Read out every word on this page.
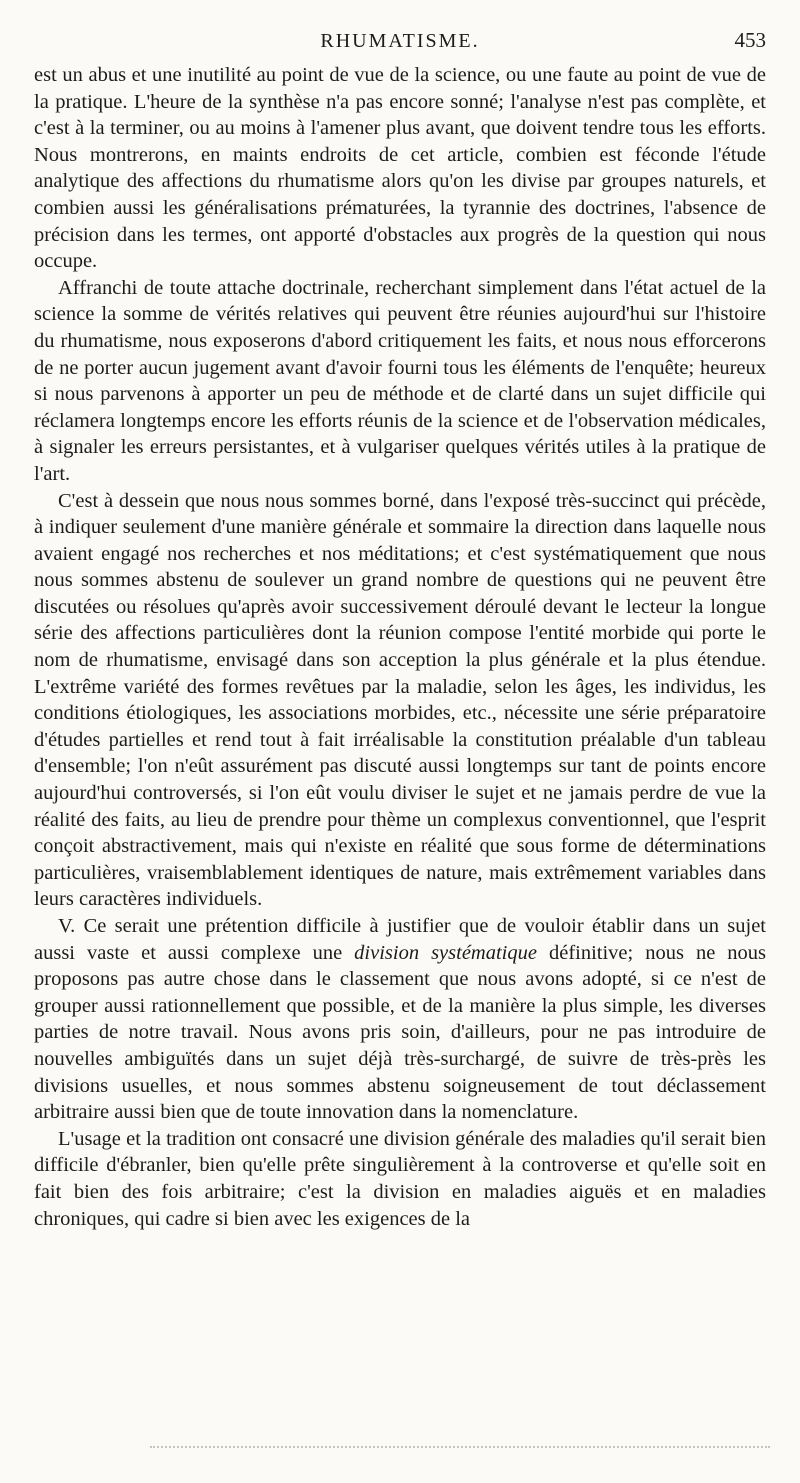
RHUMATISME.	453

est un abus et une inutilité au point de vue de la science, ou une faute au point de vue de la pratique. L'heure de la synthèse n'a pas encore sonné; l'analyse n'est pas complète, et c'est à la terminer, ou au moins à l'amener plus avant, que doivent tendre tous les efforts. Nous montrerons, en maints endroits de cet article, combien est féconde l'étude analytique des affections du rhumatisme alors qu'on les divise par groupes naturels, et combien aussi les généralisations prématurées, la tyrannie des doctrines, l'absence de précision dans les termes, ont apporté d'obstacles aux progrès de la question qui nous occupe.

Affranchi de toute attache doctrinale, recherchant simplement dans l'état actuel de la science la somme de vérités relatives qui peuvent être réunies aujourd'hui sur l'histoire du rhumatisme, nous exposerons d'abord critiquement les faits, et nous nous efforcerons de ne porter aucun jugement avant d'avoir fourni tous les éléments de l'enquête; heureux si nous parvenons à apporter un peu de méthode et de clarté dans un sujet difficile qui réclamera longtemps encore les efforts réunis de la science et de l'observation médicales, à signaler les erreurs persistantes, et à vulgariser quelques vérités utiles à la pratique de l'art.

C'est à dessein que nous nous sommes borné, dans l'exposé très-succinct qui précède, à indiquer seulement d'une manière générale et sommaire la direction dans laquelle nous avaient engagé nos recherches et nos méditations; et c'est systématiquement que nous nous sommes abstenu de soulever un grand nombre de questions qui ne peuvent être discutées ou résolues qu'après avoir successivement déroulé devant le lecteur la longue série des affections particulières dont la réunion compose l'entité morbide qui porte le nom de rhumatisme, envisagé dans son acception la plus générale et la plus étendue. L'extrême variété des formes revêtues par la maladie, selon les âges, les individus, les conditions étiologiques, les associations morbides, etc., nécessite une série préparatoire d'études partielles et rend tout à fait irréalisable la constitution préalable d'un tableau d'ensemble; l'on n'eût assurément pas discuté aussi longtemps sur tant de points encore aujourd'hui controversés, si l'on eût voulu diviser le sujet et ne jamais perdre de vue la réalité des faits, au lieu de prendre pour thème un complexus conventionnel, que l'esprit conçoit abstractivement, mais qui n'existe en réalité que sous forme de déterminations particulières, vraisemblablement identiques de nature, mais extrêmement variables dans leurs caractères individuels.

V. Ce serait une prétention difficile à justifier que de vouloir établir dans un sujet aussi vaste et aussi complexe une division systématique définitive; nous ne nous proposons pas autre chose dans le classement que nous avons adopté, si ce n'est de grouper aussi rationnellement que possible, et de la manière la plus simple, les diverses parties de notre travail. Nous avons pris soin, d'ailleurs, pour ne pas introduire de nouvelles ambiguïtés dans un sujet déjà très-surchargé, de suivre de très-près les divisions usuelles, et nous sommes abstenu soigneusement de tout déclassement arbitraire aussi bien que de toute innovation dans la nomenclature.

L'usage et la tradition ont consacré une division générale des maladies qu'il serait bien difficile d'ébranler, bien qu'elle prête singulièrement à la controverse et qu'elle soit en fait bien des fois arbitraire; c'est la division en maladies aiguës et en maladies chroniques, qui cadre si bien avec les exigences de la
